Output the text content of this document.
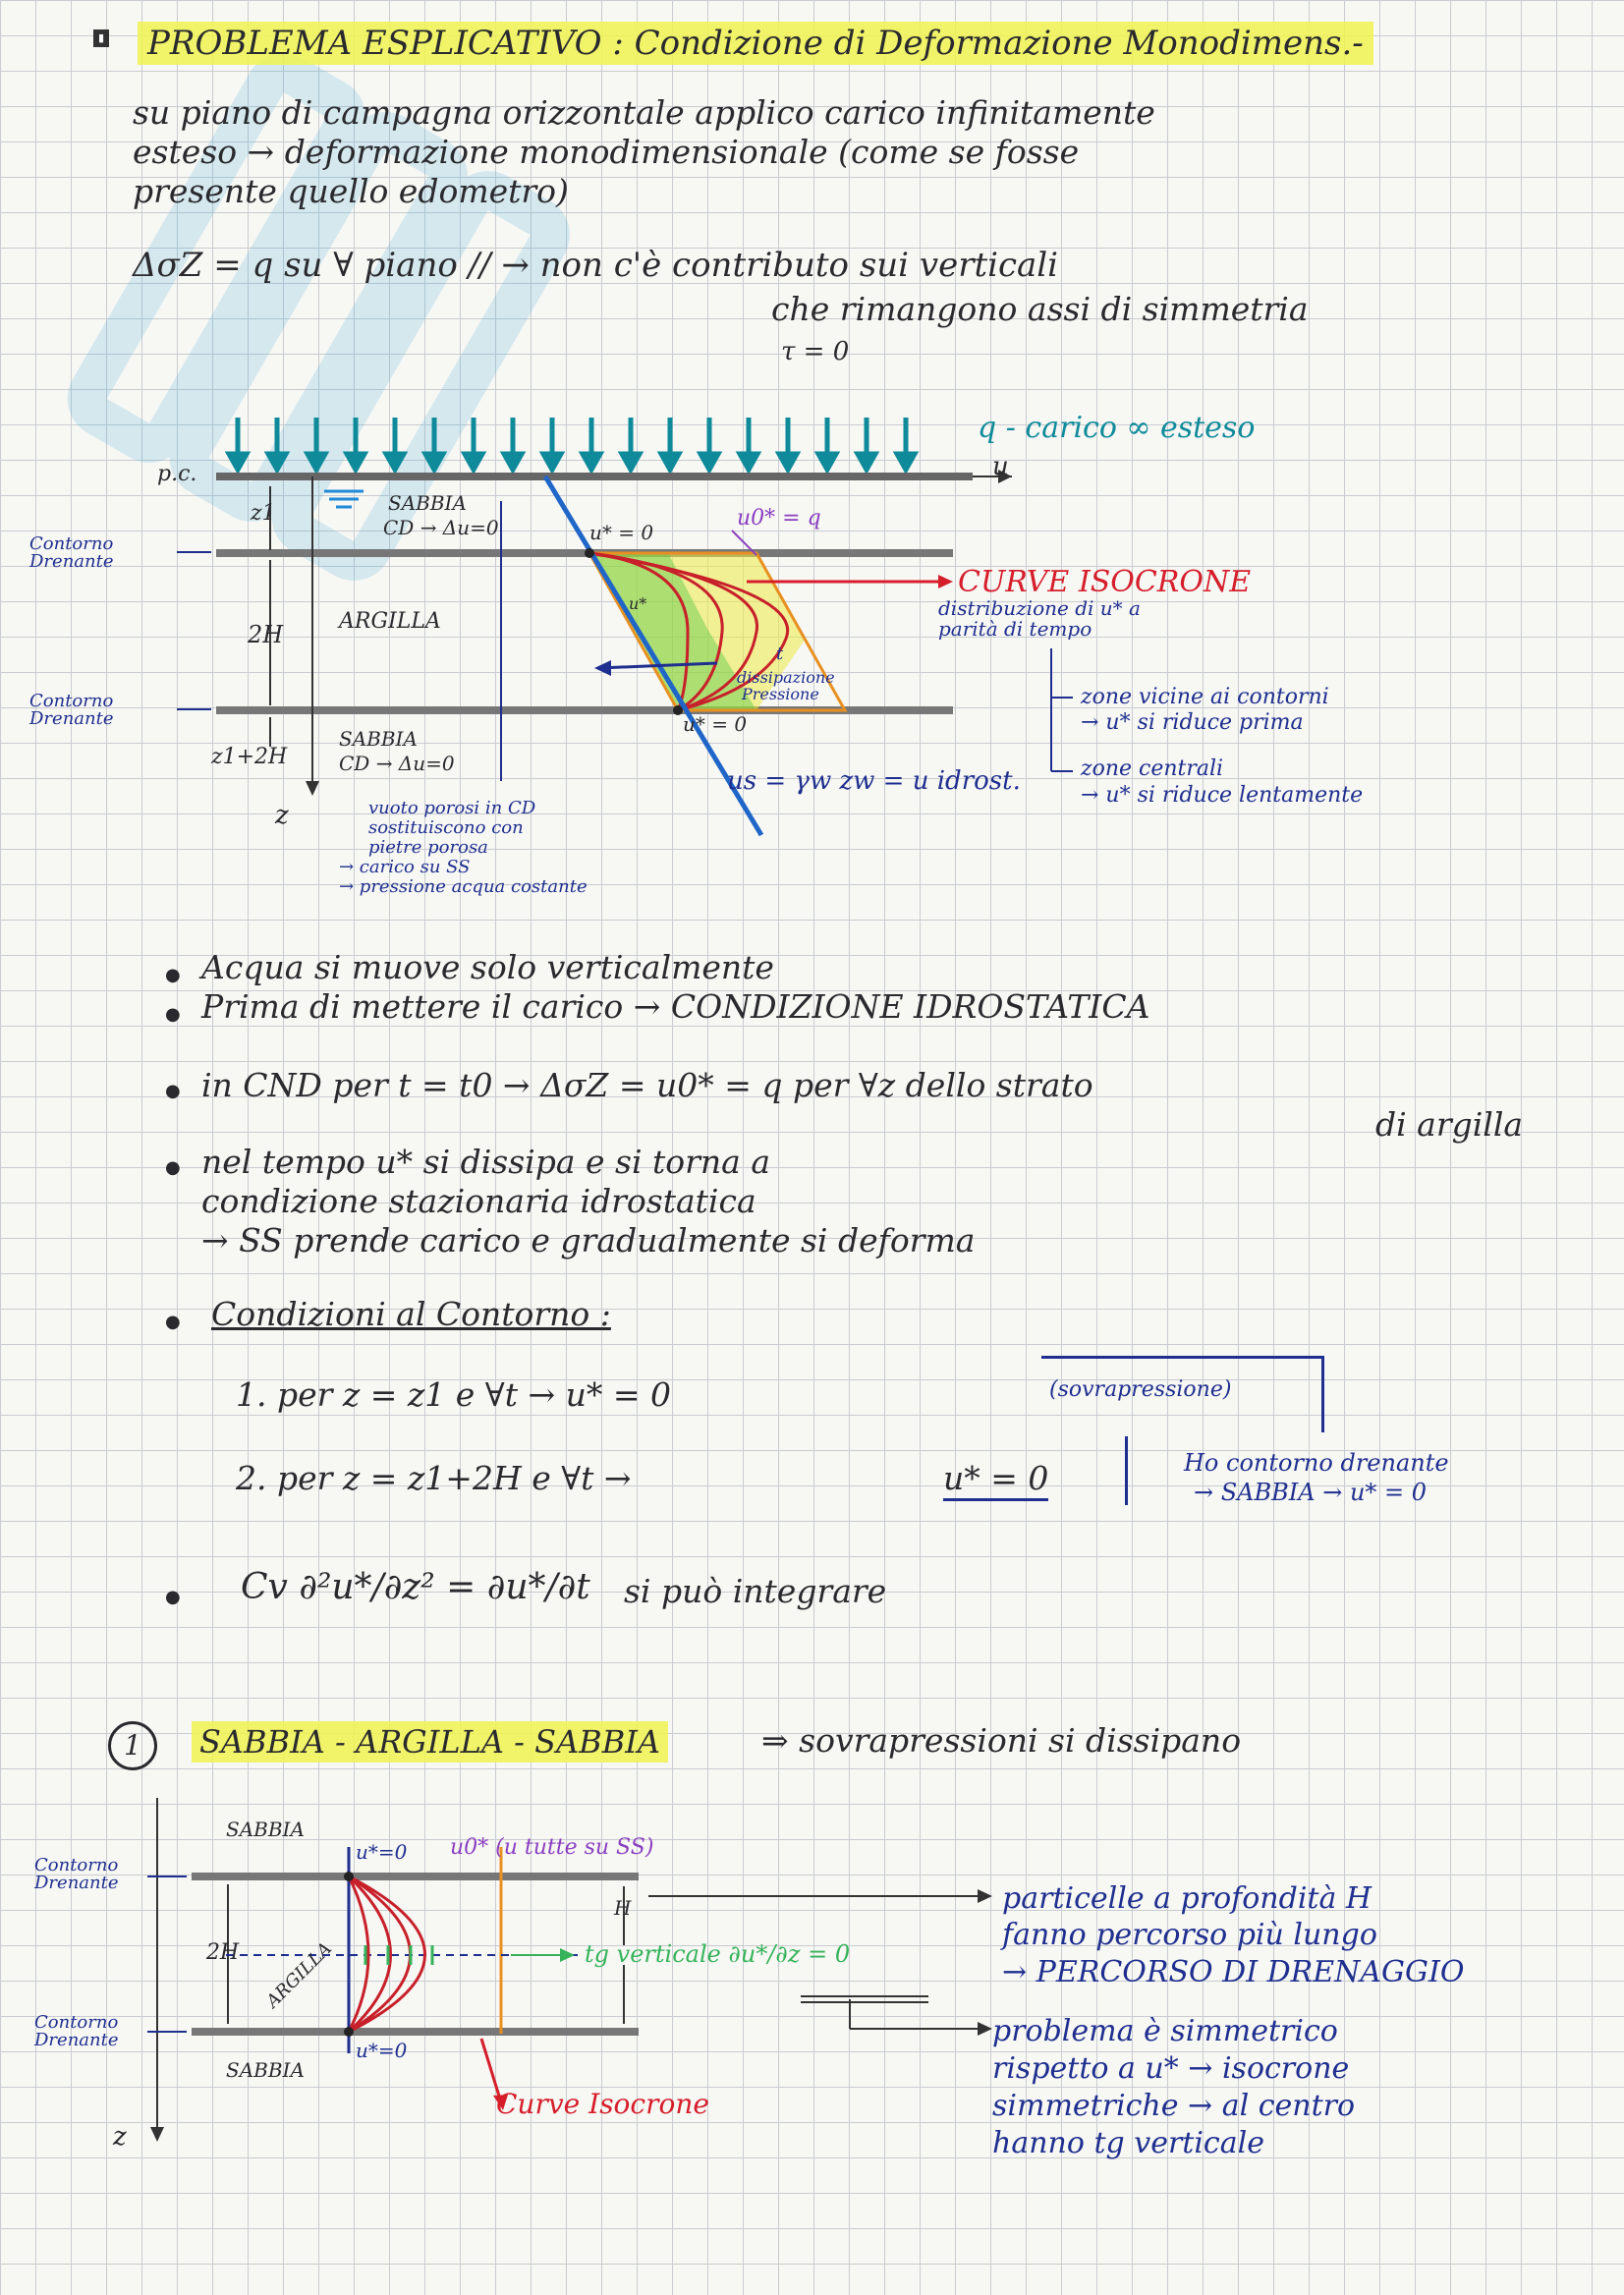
▮ PROBLEMA ESPLICATIVO : Condizione di Deformazione Monodimens.-
su piano di campagna orizzontale applico carico infinitamente
esteso → deformazione monodimensionale (come se fosse
presente quello edometro)
ΔσZ = q su ∀ piano // → non c'è contributo sui verticali
che rimangono assi di simmetria
τ = 0
q - carico ∞ esteso
p.c.	u
SABBIA
CD → Δu=0
ARGILLA
SABBIA
CD → Δu=0
z1
2H
z1+2H
z
Contorno Drenante
Contorno Drenante
u* = 0
u* = 0
u0* = q
u*
CURVE ISOCRONE
distribuzione di u* a
parità di tempo
dissipazione
Pressione
t
us = γw zw = u idrost.
zone vicine ai contorni
→ u* si riduce prima
zone centrali
→ u* si riduce lentamente
vuoto porosi in CD
sostituiscono con
pietre porosa
→ carico su SS
→ pressione acqua costante
● Acqua si muove solo verticalmente
● Prima di mettere il carico → CONDIZIONE IDROSTATICA
● in CND per t = t0 → ΔσZ = u0* = q per ∀z dello strato
di argilla
● nel tempo u* si dissipa e si torna a
condizione stazionaria idrostatica
→ SS prende carico e gradualmente si deforma
● Condizioni al Contorno :
1. per z = z1 e ∀t → u* = 0	(sovrapressione)
2. per z = z1+2H e ∀t →	u* = 0	Ho contorno drenante
→ SABBIA → u* = 0
● Cv ∂²u*/∂z² = ∂u*/∂t si può integrare
1	SABBIA - ARGILLA - SABBIA	⇒ sovrapressioni si dissipano
SABBIA
SABBIA
ARGILLA
2H
H
z
Contorno Drenante
Contorno Drenante
u*=0
u*=0
u0* (u tutte su SS)
tg verticale ∂u*/∂z = 0
Curve Isocrone
particelle a profondità H
fanno percorso più lungo
→ PERCORSO DI DRENAGGIO
problema è simmetrico
rispetto a u* → isocrone
simmetriche → al centro
hanno tg verticale
